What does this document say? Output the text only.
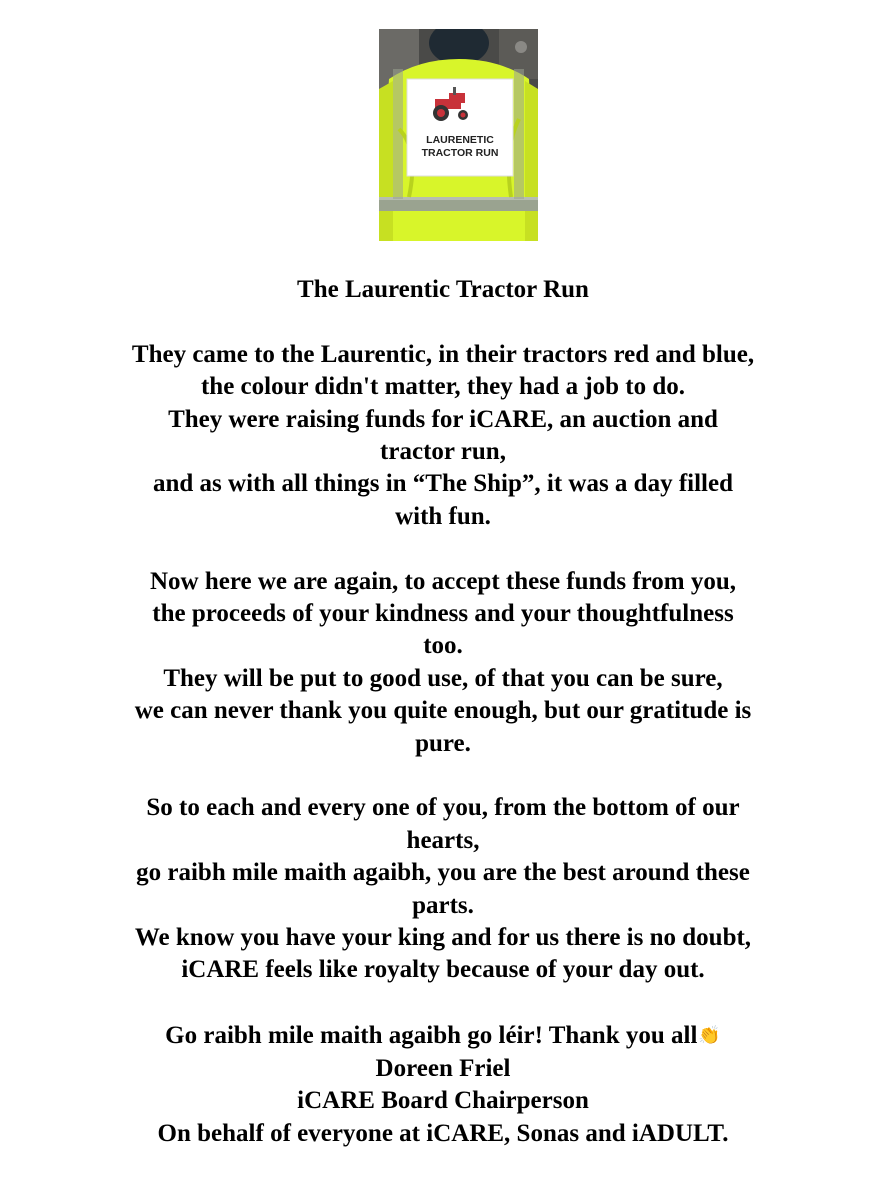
LAURENETIC
TRACTOR RUN

The Laurentic Tractor Run

They came to the Laurentic, in their tractors red and blue,

the colour didn't matter, they had a job to do.

They were raising funds for iCARE, an auction and

tractor run,

and as with all things in “The Ship”, it was a day filled

with fun.

Now here we are again, to accept these funds from you,

the proceeds of your kindness and your thoughtfulness

too.

They will be put to good use, of that you can be sure,

we can never thank you quite enough, but our gratitude is

pure.

So to each and every one of you, from the bottom of our

hearts,

go raibh mile maith agaibh, you are the best around these

parts.

We know you have your king and for us there is no doubt,

iCARE feels like royalty because of your day out.

Go raibh mile maith agaibh go léir! Thank you all👏

Doreen Friel

iCARE Board Chairperson

On behalf of everyone at iCARE, Sonas and iADULT.
